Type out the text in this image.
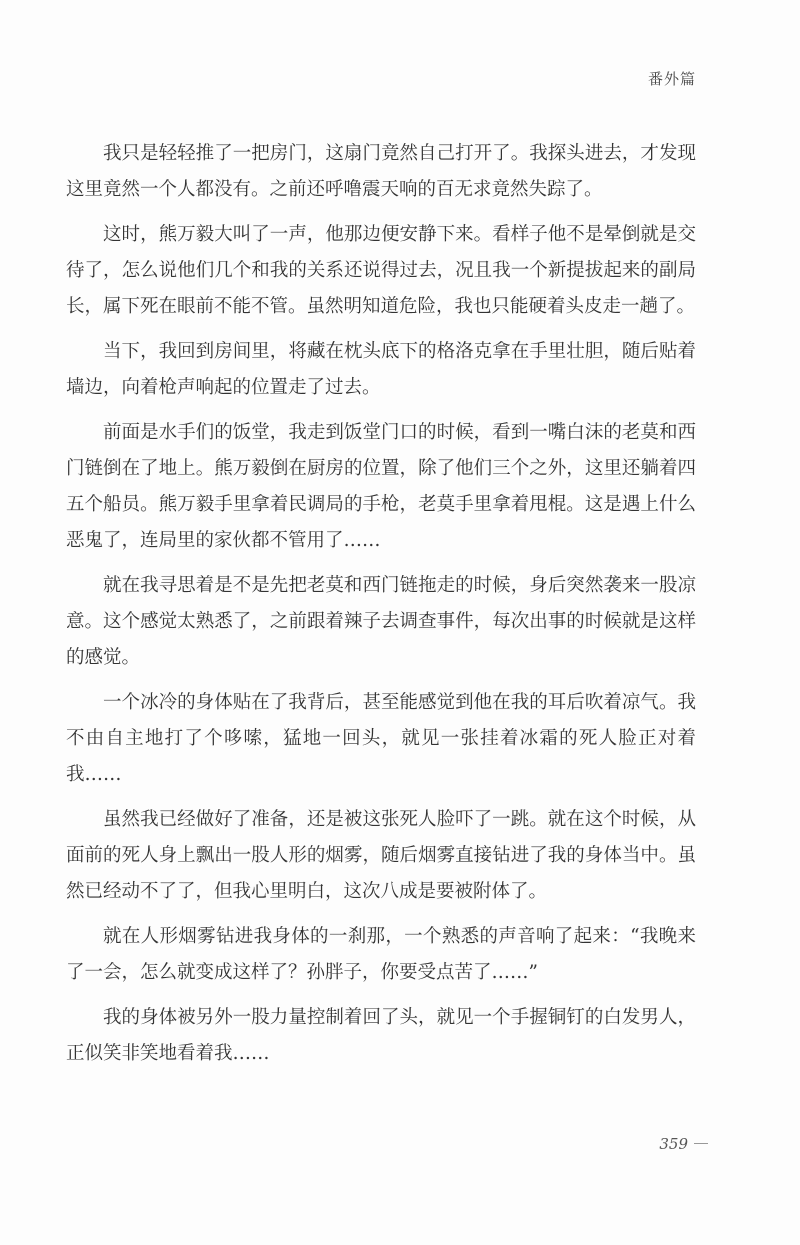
番外篇

我只是轻轻推了一把房门，这扇门竟然自己打开了。我探头进去，才发现这里竟然一个人都没有。之前还呼噜震天响的百无求竟然失踪了。

这时，熊万毅大叫了一声，他那边便安静下来。看样子他不是晕倒就是交待了，怎么说他们几个和我的关系还说得过去，况且我一个新提拔起来的副局长，属下死在眼前不能不管。虽然明知道危险，我也只能硬着头皮走一趟了。

当下，我回到房间里，将藏在枕头底下的格洛克拿在手里壮胆，随后贴着墙边，向着枪声响起的位置走了过去。

前面是水手们的饭堂，我走到饭堂门口的时候，看到一嘴白沫的老莫和西门链倒在了地上。熊万毅倒在厨房的位置，除了他们三个之外，这里还躺着四五个船员。熊万毅手里拿着民调局的手枪，老莫手里拿着甩棍。这是遇上什么恶鬼了，连局里的家伙都不管用了……

就在我寻思着是不是先把老莫和西门链拖走的时候，身后突然袭来一股凉意。这个感觉太熟悉了，之前跟着辣子去调查事件，每次出事的时候就是这样的感觉。

一个冰冷的身体贴在了我背后，甚至能感觉到他在我的耳后吹着凉气。我不由自主地打了个哆嗦，猛地一回头，就见一张挂着冰霜的死人脸正对着我……

虽然我已经做好了准备，还是被这张死人脸吓了一跳。就在这个时候，从面前的死人身上飘出一股人形的烟雾，随后烟雾直接钻进了我的身体当中。虽然已经动不了了，但我心里明白，这次八成是要被附体了。

就在人形烟雾钻进我身体的一刹那，一个熟悉的声音响了起来：“我晚来了一会，怎么就变成这样了？孙胖子，你要受点苦了……”

我的身体被另外一股力量控制着回了头，就见一个手握铜钉的白发男人，正似笑非笑地看着我……

359
